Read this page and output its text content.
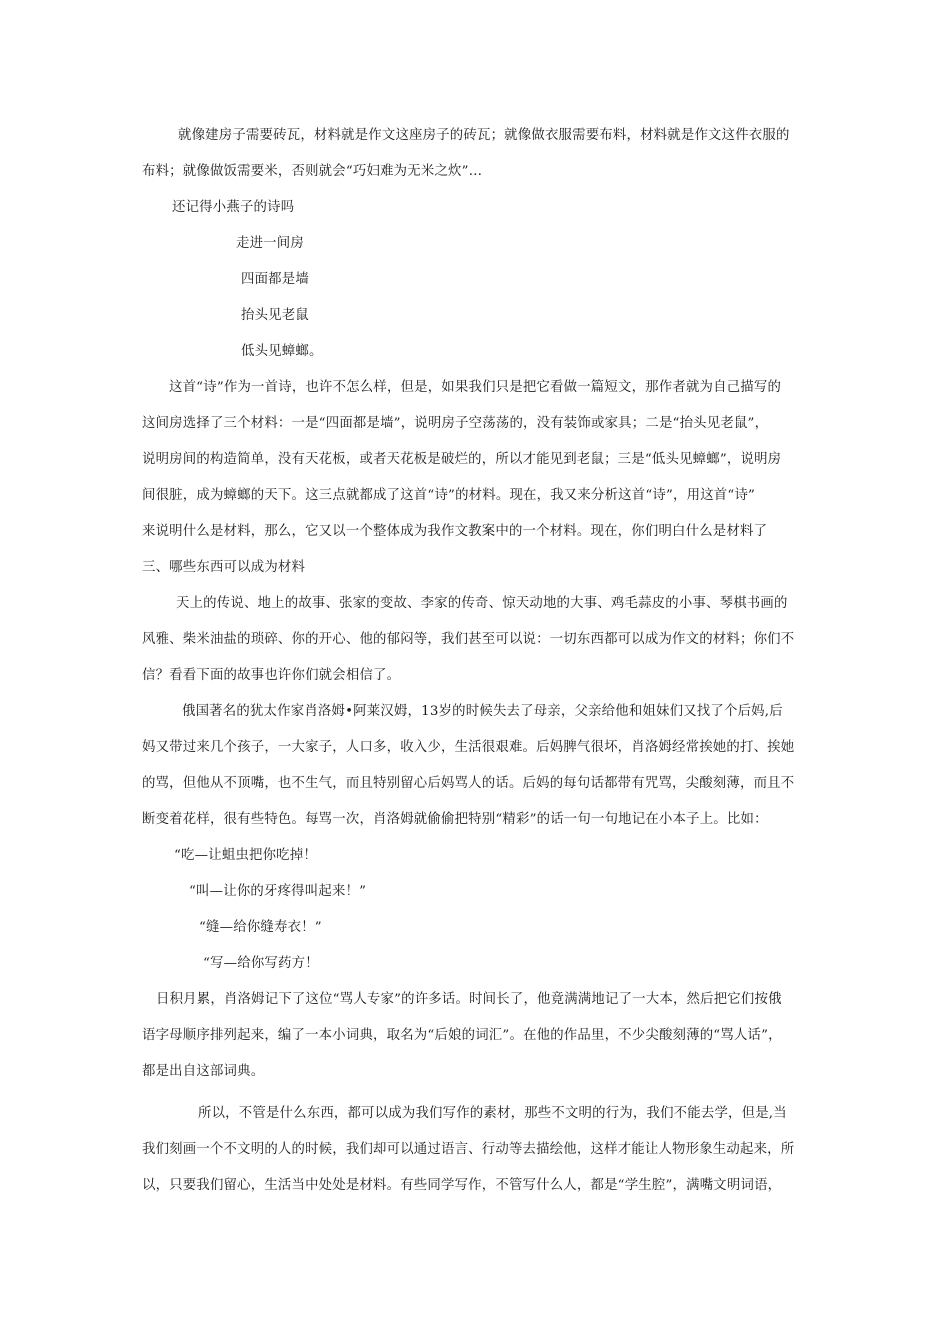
就像建房子需要砖瓦，材料就是作文这座房子的砖瓦；就像做衣服需要布料，材料就是作文这件衣服的
布料；就像做饭需要米，否则就会“巧妇难为无米之炊”…
还记得小燕子的诗吗
走进一间房
四面都是墙
抬头见老鼠
低头见蟑螂。
这首“诗”作为一首诗，也许不怎么样，但是，如果我们只是把它看做一篇短文，那作者就为自己描写的
这间房选择了三个材料：一是“四面都是墙”，说明房子空荡荡的，没有装饰或家具；二是“抬头见老鼠”，
说明房间的构造简单，没有天花板，或者天花板是破烂的，所以才能见到老鼠；三是“低头见蟑螂”，说明房
间很脏，成为蟑螂的天下。这三点就都成了这首“诗”的材料。现在，我又来分析这首“诗”，用这首“诗”
来说明什么是材料，那么，它又以一个整体成为我作文教案中的一个材料。现在，你们明白什么是材料了
三、哪些东西可以成为材料
天上的传说、地上的故事、张家的变故、李家的传奇、惊天动地的大事、鸡毛蒜皮的小事、琴棋书画的
风雅、柴米油盐的琐碎、你的开心、他的郁闷等，我们甚至可以说：一切东西都可以成为作文的材料；你们不
信？看看下面的故事也许你们就会相信了。
俄国著名的犹太作家肖洛姆•阿莱汉姆，13岁的时候失去了母亲，父亲给他和姐妹们又找了个后妈,后
妈又带过来几个孩子，一大家子，人口多，收入少，生活很艰难。后妈脾气很坏，肖洛姆经常挨她的打、挨她
的骂，但他从不顶嘴，也不生气，而且特别留心后妈骂人的话。后妈的每句话都带有咒骂，尖酸刻薄，而且不
断变着花样，很有些特色。每骂一次，肖洛姆就偷偷把特别“精彩”的话一句一句地记在小本子上。比如：
“吃—让蛆虫把你吃掉！
“叫—让你的牙疼得叫起来！”
“缝—给你缝寿衣！”
“写—给你写药方！
日积月累，肖洛姆记下了这位“骂人专家”的许多话。时间长了，他竟满满地记了一大本，然后把它们按俄
语字母顺序排列起来，编了一本小词典，取名为“后娘的词汇”。在他的作品里，不少尖酸刻薄的“骂人话”，
都是出自这部词典。
所以，不管是什么东西，都可以成为我们写作的素材，那些不文明的行为，我们不能去学，但是,当
我们刻画一个不文明的人的时候，我们却可以通过语言、行动等去描绘他，这样才能让人物形象生动起来，所
以，只要我们留心，生活当中处处是材料。有些同学写作，不管写什么人，都是“学生腔”，满嘴文明词语，
